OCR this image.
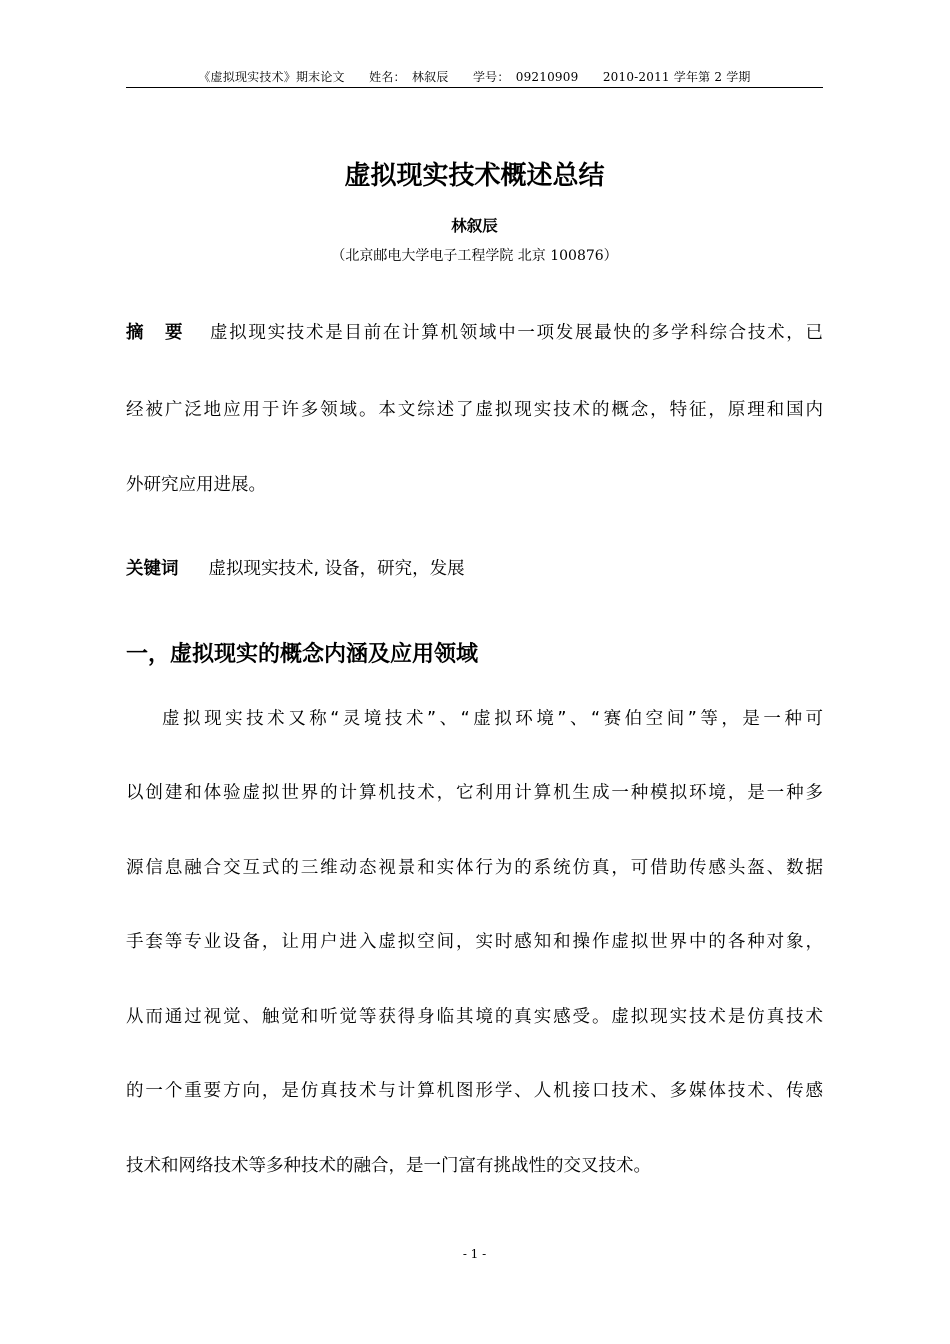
《虚拟现实技术》期末论文　　姓名：　林叙辰　　学号：　09210909　　2010-2011 学年第 2 学期
虚拟现实技术概述总结
林叙辰
（北京邮电大学电子工程学院 北京 100876）
摘 要 虚拟现实技术是目前在计算机领域中一项发展最快的多学科综合技术，已
经被广泛地应用于许多领域。本文综述了虚拟现实技术的概念，特征，原理和国内
外研究应用进展。
关键词 虚拟现实技术, 设备，研究，发展
一，虚拟现实的概念内涵及应用领域
虚拟现实技术又称“灵境技术”、“虚拟环境”、“赛伯空间”等，是一种可
以创建和体验虚拟世界的计算机技术，它利用计算机生成一种模拟环境，是一种多
源信息融合交互式的三维动态视景和实体行为的系统仿真，可借助传感头盔、数据
手套等专业设备，让用户进入虚拟空间，实时感知和操作虚拟世界中的各种对象，
从而通过视觉、触觉和听觉等获得身临其境的真实感受。虚拟现实技术是仿真技术
的一个重要方向，是仿真技术与计算机图形学、人机接口技术、多媒体技术、传感
技术和网络技术等多种技术的融合，是一门富有挑战性的交叉技术。
- 1 -
